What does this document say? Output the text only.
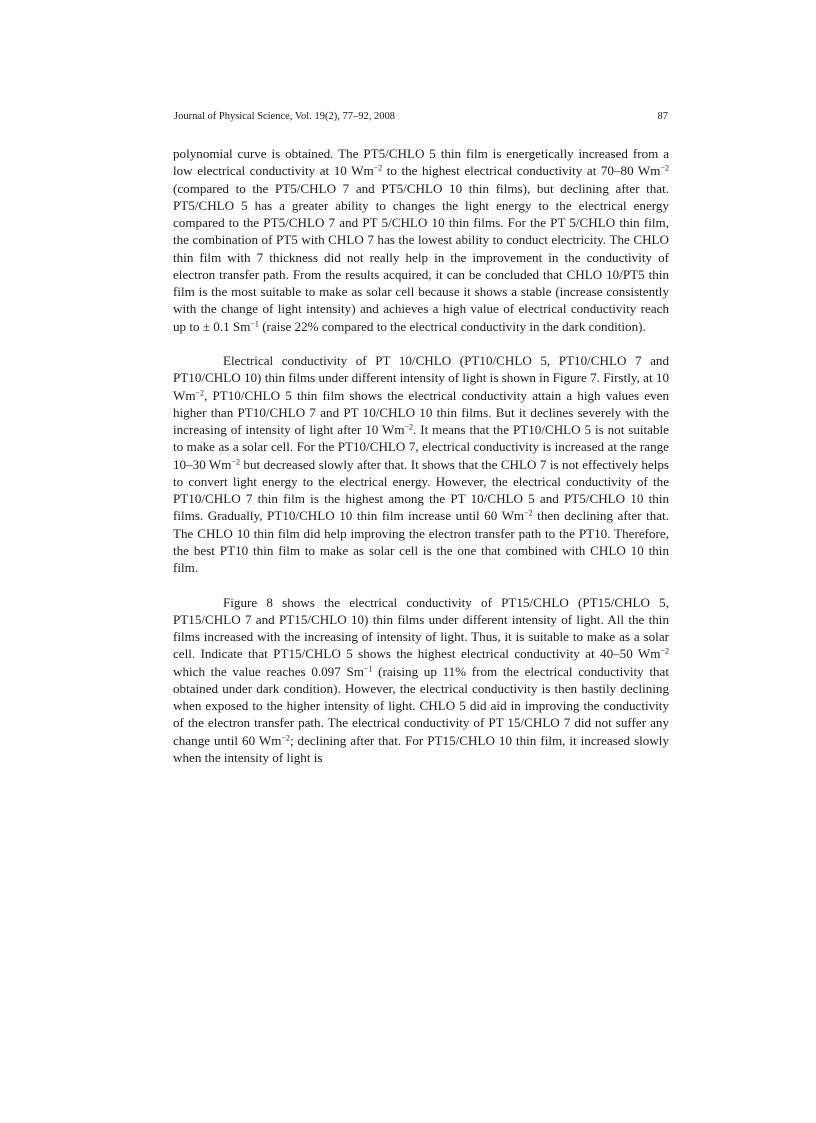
Journal of Physical Science, Vol. 19(2), 77–92, 2008	87

polynomial curve is obtained. The PT5/CHLO 5 thin film is energetically increased from a low electrical conductivity at 10 $Wm^{-2}$ to the highest electrical conductivity at 70–80 $Wm^{-2}$ (compared to the PT5/CHLO 7 and PT5/CHLO 10 thin films), but declining after that. PT5/CHLO 5 has a greater ability to changes the light energy to the electrical energy compared to the PT5/CHLO 7 and PT 5/CHLO 10 thin films. For the PT 5/CHLO thin film, the combination of PT5 with CHLO 7 has the lowest ability to conduct electricity. The CHLO thin film with 7 thickness did not really help in the improvement in the conductivity of electron transfer path. From the results acquired, it can be concluded that CHLO 10/PT5 thin film is the most suitable to make as solar cell because it shows a stable (increase consistently with the change of light intensity) and achieves a high value of electrical conductivity reach up to ± 0.1 $Sm^{-1}$ (raise 22% compared to the electrical conductivity in the dark condition).

Electrical conductivity of PT 10/CHLO (PT10/CHLO 5, PT10/CHLO 7 and PT10/CHLO 10) thin films under different intensity of light is shown in Figure 7. Firstly, at 10 $Wm^{-2}$, PT10/CHLO 5 thin film shows the electrical conductivity attain a high values even higher than PT10/CHLO 7 and PT 10/CHLO 10 thin films. But it declines severely with the increasing of intensity of light after 10 $Wm^{-2}$. It means that the PT10/CHLO 5 is not suitable to make as a solar cell. For the PT10/CHLO 7, electrical conductivity is increased at the range 10–30 $Wm^{-2}$ but decreased slowly after that. It shows that the CHLO 7 is not effectively helps to convert light energy to the electrical energy. However, the electrical conductivity of the PT10/CHLO 7 thin film is the highest among the PT 10/CHLO 5 and PT5/CHLO 10 thin films. Gradually, PT10/CHLO 10 thin film increase until 60 $Wm^{-2}$ then declining after that. The CHLO 10 thin film did help improving the electron transfer path to the PT10. Therefore, the best PT10 thin film to make as solar cell is the one that combined with CHLO 10 thin film.

Figure 8 shows the electrical conductivity of PT15/CHLO (PT15/CHLO 5, PT15/CHLO 7 and PT15/CHLO 10) thin films under different intensity of light. All the thin films increased with the increasing of intensity of light. Thus, it is suitable to make as a solar cell. Indicate that PT15/CHLO 5 shows the highest electrical conductivity at 40–50 $Wm^{-2}$ which the value reaches 0.097 $Sm^{-1}$ (raising up 11% from the electrical conductivity that obtained under dark condition). However, the electrical conductivity is then hastily declining when exposed to the higher intensity of light. CHLO 5 did aid in improving the conductivity of the electron transfer path. The electrical conductivity of PT 15/CHLO 7 did not suffer any change until 60 $Wm^{-2}$; declining after that. For PT15/CHLO 10 thin film, it increased slowly when the intensity of light is
